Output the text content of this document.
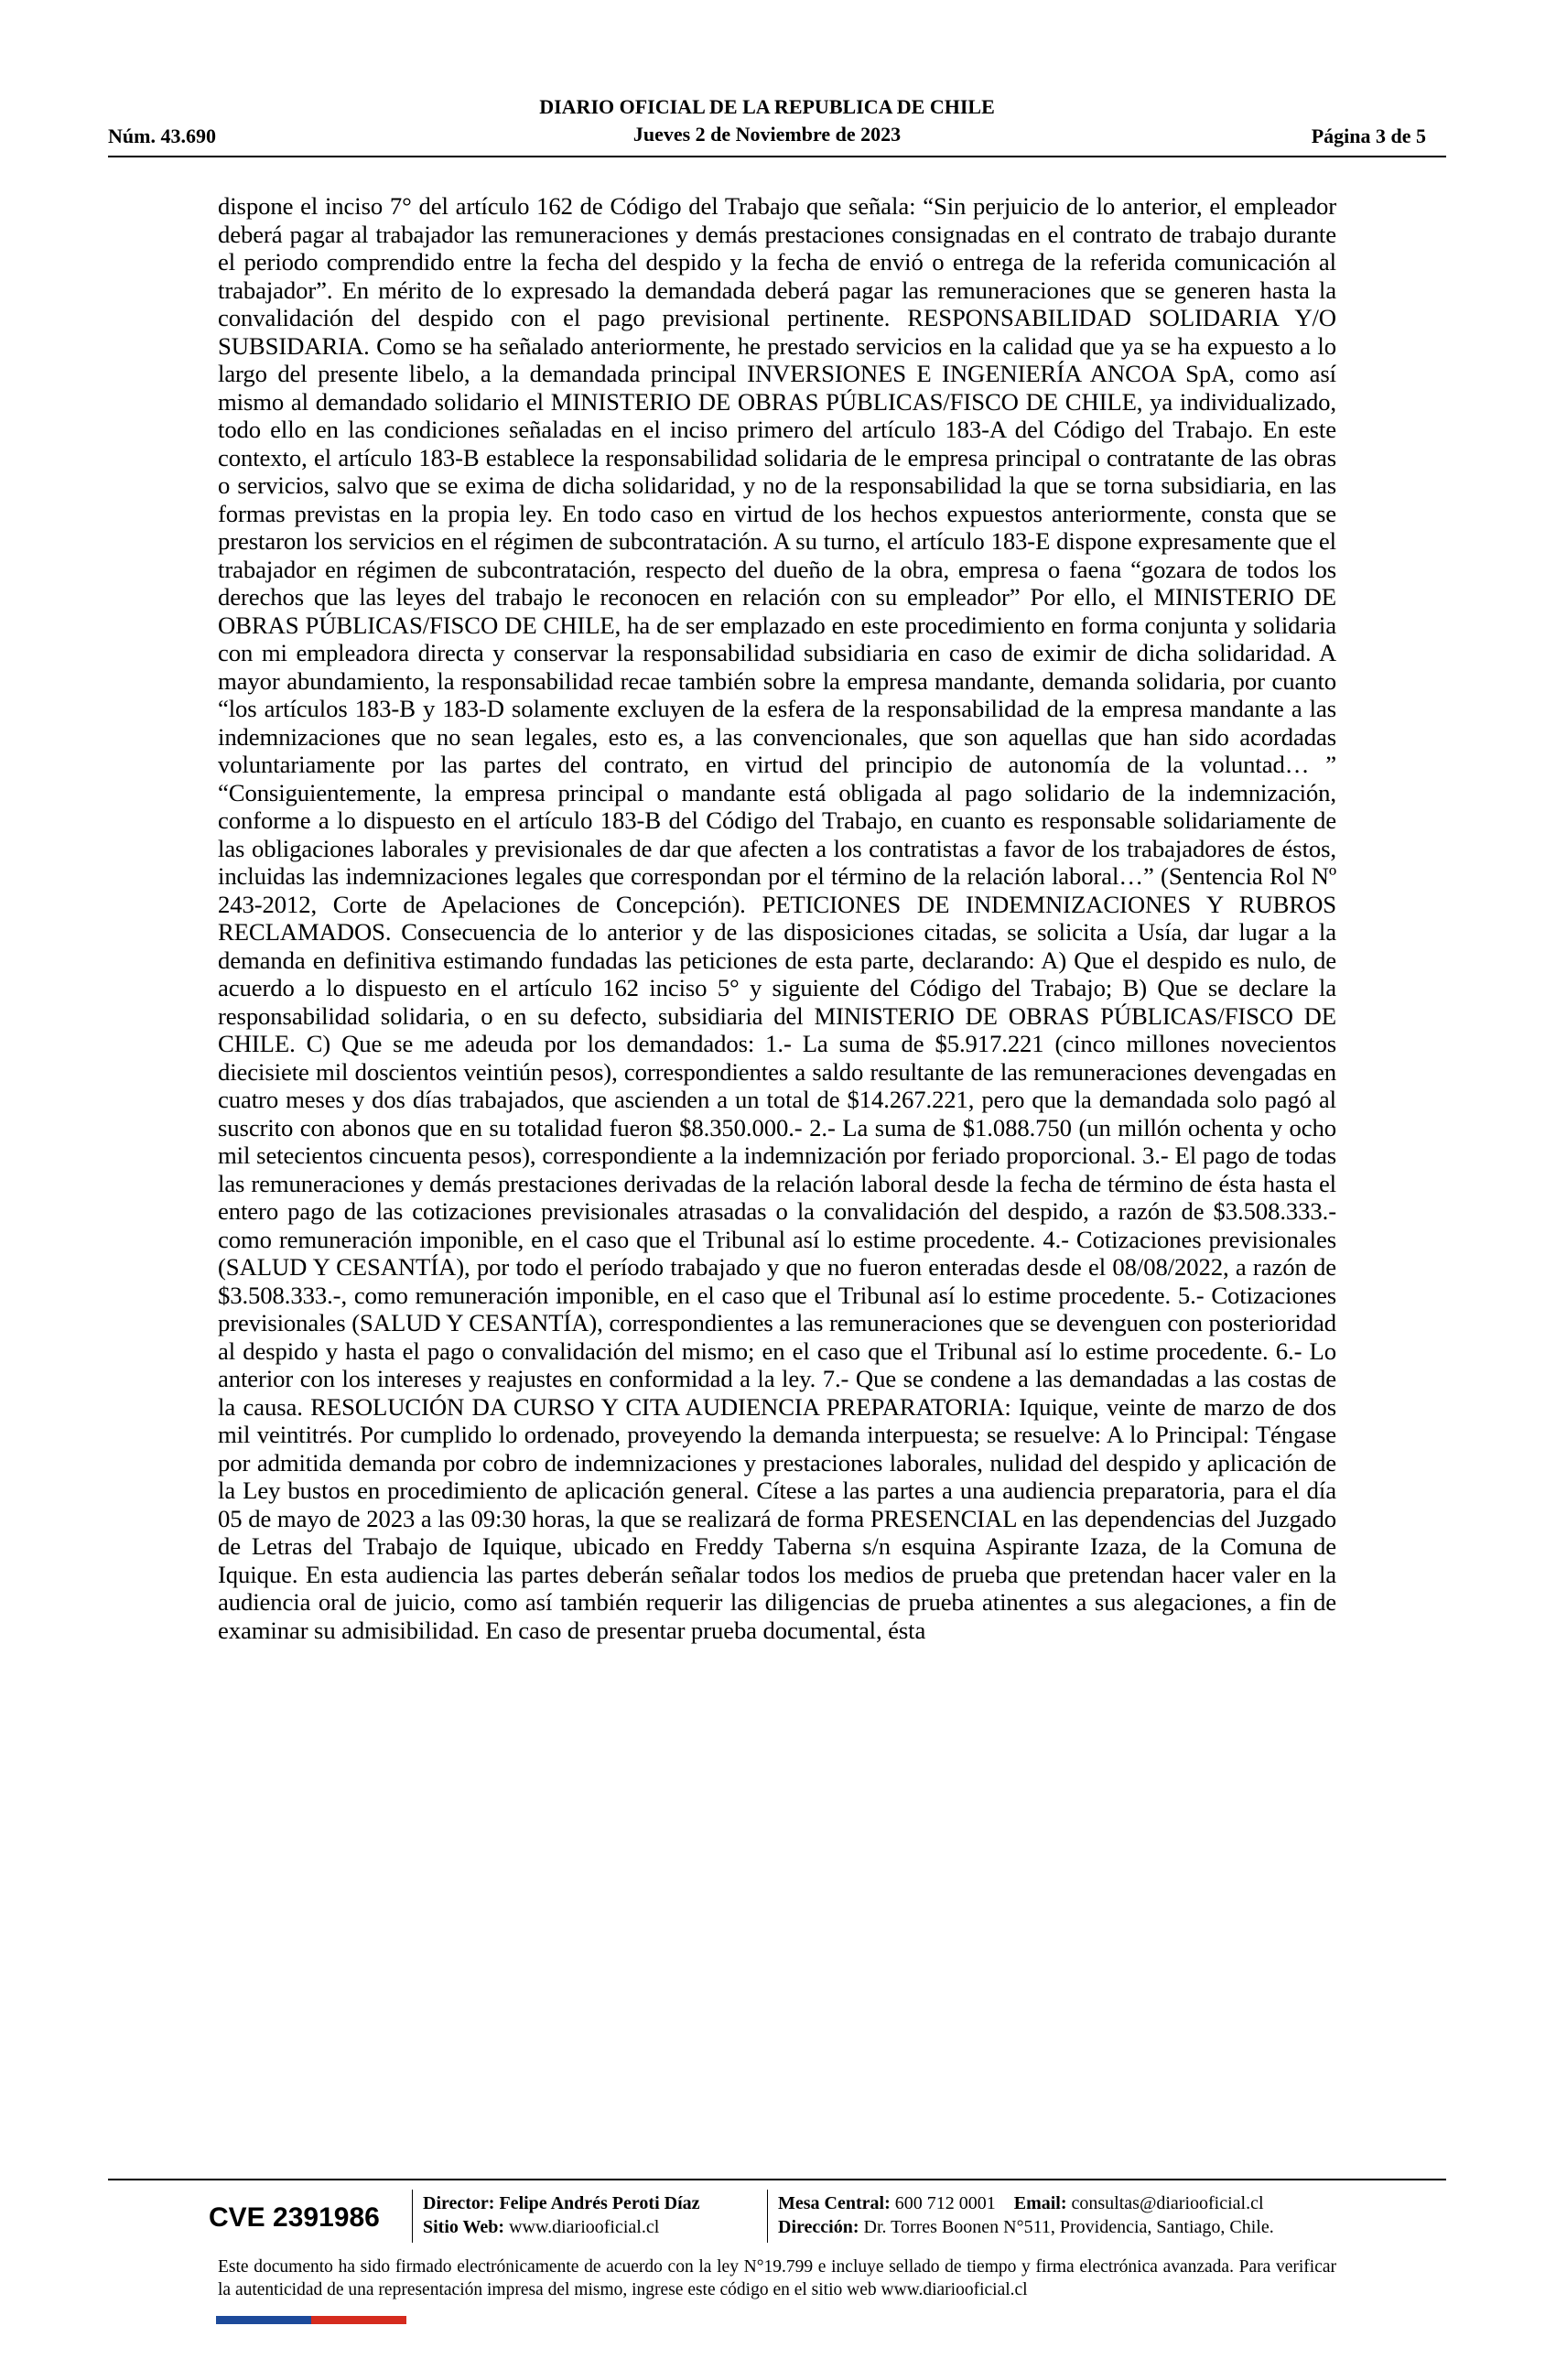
DIARIO OFICIAL DE LA REPUBLICA DE CHILE
Jueves 2 de Noviembre de 2023
Núm. 43.690	Página 3 de 5
dispone el inciso 7° del artículo 162 de Código del Trabajo que señala: “Sin perjuicio de lo anterior, el empleador deberá pagar al trabajador las remuneraciones y demás prestaciones consignadas en el contrato de trabajo durante el periodo comprendido entre la fecha del despido y la fecha de envió o entrega de la referida comunicación al trabajador”. En mérito de lo expresado la demandada deberá pagar las remuneraciones que se generen hasta la convalidación del despido con el pago previsional pertinente. RESPONSABILIDAD SOLIDARIA Y/O SUBSIDARIA. Como se ha señalado anteriormente, he prestado servicios en la calidad que ya se ha expuesto a lo largo del presente libelo, a la demandada principal INVERSIONES E INGENIERÍA ANCOA SpA, como así mismo al demandado solidario el MINISTERIO DE OBRAS PÚBLICAS/FISCO DE CHILE, ya individualizado, todo ello en las condiciones señaladas en el inciso primero del artículo 183-A del Código del Trabajo. En este contexto, el artículo 183-B establece la responsabilidad solidaria de le empresa principal o contratante de las obras o servicios, salvo que se exima de dicha solidaridad, y no de la responsabilidad la que se torna subsidiaria, en las formas previstas en la propia ley. En todo caso en virtud de los hechos expuestos anteriormente, consta que se prestaron los servicios en el régimen de subcontratación. A su turno, el artículo 183-E dispone expresamente que el trabajador en régimen de subcontratación, respecto del dueño de la obra, empresa o faena “gozara de todos los derechos que las leyes del trabajo le reconocen en relación con su empleador” Por ello, el MINISTERIO DE OBRAS PÚBLICAS/FISCO DE CHILE, ha de ser emplazado en este procedimiento en forma conjunta y solidaria con mi empleadora directa y conservar la responsabilidad subsidiaria en caso de eximir de dicha solidaridad. A mayor abundamiento, la responsabilidad recae también sobre la empresa mandante, demanda solidaria, por cuanto “los artículos 183-B y 183-D solamente excluyen de la esfera de la responsabilidad de la empresa mandante a las indemnizaciones que no sean legales, esto es, a las convencionales, que son aquellas que han sido acordadas voluntariamente por las partes del contrato, en virtud del principio de autonomía de la voluntad… ” “Consiguientemente, la empresa principal o mandante está obligada al pago solidario de la indemnización, conforme a lo dispuesto en el artículo 183-B del Código del Trabajo, en cuanto es responsable solidariamente de las obligaciones laborales y previsionales de dar que afecten a los contratistas a favor de los trabajadores de éstos, incluidas las indemnizaciones legales que correspondan por el término de la relación laboral…” (Sentencia Rol Nº 243-2012, Corte de Apelaciones de Concepción). PETICIONES DE INDEMNIZACIONES Y RUBROS RECLAMADOS. Consecuencia de lo anterior y de las disposiciones citadas, se solicita a Usía, dar lugar a la demanda en definitiva estimando fundadas las peticiones de esta parte, declarando: A) Que el despido es nulo, de acuerdo a lo dispuesto en el artículo 162 inciso 5° y siguiente del Código del Trabajo; B) Que se declare la responsabilidad solidaria, o en su defecto, subsidiaria del MINISTERIO DE OBRAS PÚBLICAS/FISCO DE CHILE. C) Que se me adeuda por los demandados: 1.- La suma de $5.917.221 (cinco millones novecientos diecisiete mil doscientos veintiún pesos), correspondientes a saldo resultante de las remuneraciones devengadas en cuatro meses y dos días trabajados, que ascienden a un total de $14.267.221, pero que la demandada solo pagó al suscrito con abonos que en su totalidad fueron $8.350.000.- 2.- La suma de $1.088.750 (un millón ochenta y ocho mil setecientos cincuenta pesos), correspondiente a la indemnización por feriado proporcional. 3.- El pago de todas las remuneraciones y demás prestaciones derivadas de la relación laboral desde la fecha de término de ésta hasta el entero pago de las cotizaciones previsionales atrasadas o la convalidación del despido, a razón de $3.508.333.- como remuneración imponible, en el caso que el Tribunal así lo estime procedente. 4.- Cotizaciones previsionales (SALUD Y CESANTÍA), por todo el período trabajado y que no fueron enteradas desde el 08/08/2022, a razón de $3.508.333.-, como remuneración imponible, en el caso que el Tribunal así lo estime procedente. 5.- Cotizaciones previsionales (SALUD Y CESANTÍA), correspondientes a las remuneraciones que se devenguen con posterioridad al despido y hasta el pago o convalidación del mismo; en el caso que el Tribunal así lo estime procedente. 6.- Lo anterior con los intereses y reajustes en conformidad a la ley. 7.- Que se condene a las demandadas a las costas de la causa. RESOLUCIÓN DA CURSO Y CITA AUDIENCIA PREPARATORIA: Iquique, veinte de marzo de dos mil veintitrés. Por cumplido lo ordenado, proveyendo la demanda interpuesta; se resuelve: A lo Principal: Téngase por admitida demanda por cobro de indemnizaciones y prestaciones laborales, nulidad del despido y aplicación de la Ley bustos en procedimiento de aplicación general. Cítese a las partes a una audiencia preparatoria, para el día 05 de mayo de 2023 a las 09:30 horas, la que se realizará de forma PRESENCIAL en las dependencias del Juzgado de Letras del Trabajo de Iquique, ubicado en Freddy Taberna s/n esquina Aspirante Izaza, de la Comuna de Iquique. En esta audiencia las partes deberán señalar todos los medios de prueba que pretendan hacer valer en la audiencia oral de juicio, como así también requerir las diligencias de prueba atinentes a sus alegaciones, a fin de examinar su admisibilidad. En caso de presentar prueba documental, ésta
CVE 2391986 Director: Felipe Andrés Peroti Díaz
Sitio Web: www.diariooficial.cl
Mesa Central: 600 712 0001 Email: consultas@diariooficial.cl
Dirección: Dr. Torres Boonen N°511, Providencia, Santiago, Chile.
Este documento ha sido firmado electrónicamente de acuerdo con la ley N°19.799 e incluye sellado de tiempo y firma electrónica avanzada. Para verificar la autenticidad de una representación impresa del mismo, ingrese este código en el sitio web www.diariooficial.cl
